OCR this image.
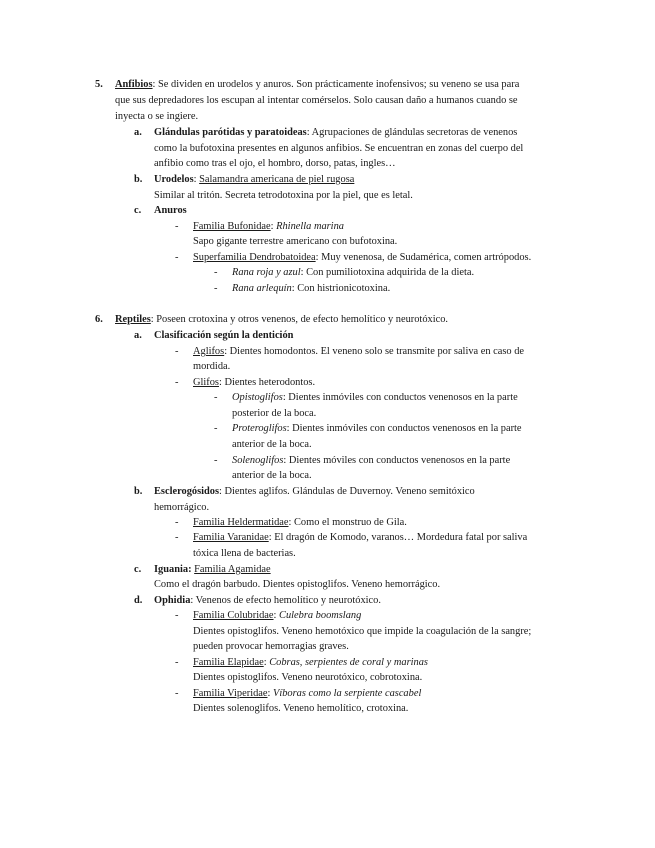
5. Anfibios: Se dividen en urodelos y anuros. Son prácticamente inofensivos; su veneno se usa para
que sus depredadores los escupan al intentar comérselos. Solo causan daño a humanos cuando se
inyecta o se ingiere.
a. Glándulas parótidas y paratoideas: Agrupaciones de glándulas secretoras de venenos
como la bufotoxina presentes en algunos anfibios. Se encuentran en zonas del cuerpo del
anfibio como tras el ojo, el hombro, dorso, patas, ingles…
b. Urodelos: Salamandra americana de piel rugosa
Similar al tritón. Secreta tetrodotoxina por la piel, que es letal.
c. Anuros
- Familia Bufonidae: Rhinella marina
Sapo gigante terrestre americano con bufotoxina.
- Superfamilia Dendrobatoidea: Muy venenosa, de Sudamérica, comen artrópodos.
- Rana roja y azul: Con pumiliotoxina adquirida de la dieta.
- Rana arlequín: Con histrionicotoxina.
6. Reptiles: Poseen crotoxina y otros venenos, de efecto hemolítico y neurotóxico.
a. Clasificación según la dentición
- Aglifos: Dientes homodontos. El veneno solo se transmite por saliva en caso de
mordida.
- Glifos: Dientes heterodontos.
- Opistoglifos: Dientes inmóviles con conductos venenosos en la parte
posterior de la boca.
- Proteroglifos: Dientes inmóviles con conductos venenosos en la parte
anterior de la boca.
- Solenoglifos: Dientes móviles con conductos venenosos en la parte
anterior de la boca.
b. Esclerogósidos: Dientes aglifos. Glándulas de Duvernoy. Veneno semitóxico
hemorrágico.
- Familia Heldermatidae: Como el monstruo de Gila.
- Familia Varanidae: El dragón de Komodo, varanos… Mordedura fatal por saliva
tóxica llena de bacterias.
c. Iguania: Familia Agamidae
Como el dragón barbudo. Dientes opistoglifos. Veneno hemorrágico.
d. Ophidia: Venenos de efecto hemolítico y neurotóxico.
- Familia Colubridae: Culebra boomslang
Dientes opistoglifos. Veneno hemotóxico que impide la coagulación de la sangre;
pueden provocar hemorragias graves.
- Familia Elapidae: Cobras, serpientes de coral y marinas
Dientes opistoglifos. Veneno neurotóxico, cobrotoxina.
- Familia Viperidae: Víboras como la serpiente cascabel
Dientes solenoglifos. Veneno hemolítico, crotoxina.
